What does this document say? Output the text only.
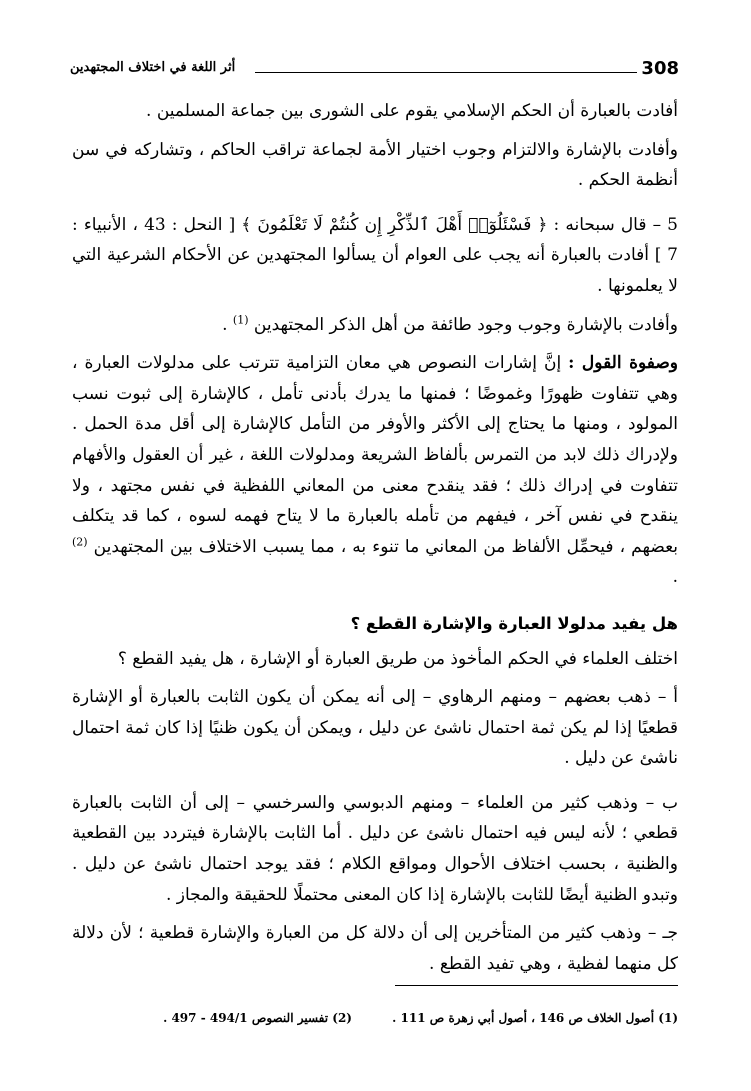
308
أثر اللغة في اختلاف المجتهدين

أفادت بالعبارة أن الحكم الإسلامي يقوم على الشورى بين جماعة المسلمين .

وأفادت بالإشارة والالتزام وجوب اختيار الأمة لجماعة تراقب الحاكم ، وتشاركه في سن أنظمة الحكم .

5 – قال سبحانه : ﴿ فَسْئَلُوٓا۟ أَهْلَ ٱلذِّكْرِ إِن كُنتُمْ لَا تَعْلَمُونَ ﴾ [ النحل : 43 ، الأنبياء : 7 ] أفادت بالعبارة أنه يجب على العوام أن يسألوا المجتهدين عن الأحكام الشرعية التي لا يعلمونها .

وأفادت بالإشارة وجوب وجود طائفة من أهل الذكر المجتهدين $^{(1)}$ .

وصفوة القول : إنَّ إشارات النصوص هي معان التزامية تترتب على مدلولات العبارة ، وهي تتفاوت ظهورًا وغموضًا ؛ فمنها ما يدرك بأدنى تأمل ، كالإشارة إلى ثبوت نسب المولود ، ومنها ما يحتاج إلى الأكثر والأوفر من التأمل كالإشارة إلى أقل مدة الحمل . ولإدراك ذلك لابد من التمرس بألفاظ الشريعة ومدلولات اللغة ، غير أن العقول والأفهام تتفاوت في إدراك ذلك ؛ فقد ينقدح معنى من المعاني اللفظية في نفس مجتهد ، ولا ينقدح في نفس آخر ، فيفهم من تأمله بالعبارة ما لا يتاح فهمه لسوه ، كما قد يتكلف بعضهم ، فيحمِّل الألفاظ من المعاني ما تنوء به ، مما يسبب الاختلاف بين المجتهدين $^{(2)}$ .

هل يفيد مدلولا العبارة والإشارة القطع ؟

اختلف العلماء في الحكم المأخوذ من طريق العبارة أو الإشارة ، هل يفيد القطع ؟

أ – ذهب بعضهم – ومنهم الرهاوي – إلى أنه يمكن أن يكون الثابت بالعبارة أو الإشارة قطعيًا إذا لم يكن ثمة احتمال ناشئ عن دليل ، ويمكن أن يكون ظنيًا إذا كان ثمة احتمال ناشئ عن دليل .

ب – وذهب كثير من العلماء – ومنهم الدبوسي والسرخسي – إلى أن الثابت بالعبارة قطعي ؛ لأنه ليس فيه احتمال ناشئ عن دليل . أما الثابت بالإشارة فيتردد بين القطعية والظنية ، بحسب اختلاف الأحوال ومواقع الكلام ؛ فقد يوجد احتمال ناشئ عن دليل . وتبدو الظنية أيضًا للثابت بالإشارة إذا كان المعنى محتملًا للحقيقة والمجاز .

جـ – وذهب كثير من المتأخرين إلى أن دلالة كل من العبارة والإشارة قطعية ؛ لأن دلالة كل منهما لفظية ، وهي تفيد القطع .

(1) أصول الخلاف ص 146 ، أصول أبي زهرة ص 111 . (2) تفسير النصوص 494/1 - 497 .
